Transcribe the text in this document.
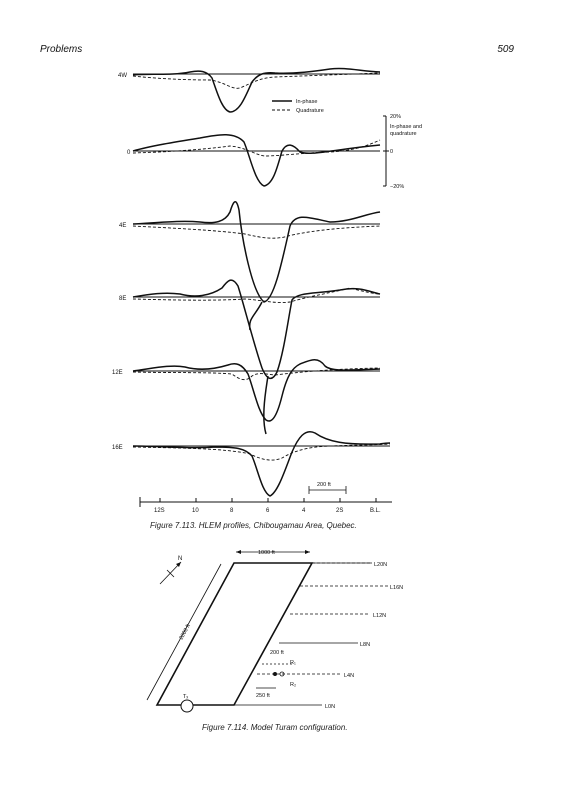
Problems	509
In-phase
Quadrature
20%
In-phase and
quadrature
0
−20%
4W
0
4E
8E
12E
16E
200 ft
12S	10	8	6	4	2S	B.L.
N
1000 ft
2000 ft
L20N
L16N
L12N
L8N
L4N
L0N
200 ft
R₁
R₂
250 ft
Tₓ
Figure 7.113. HLEM profiles, Chibougamau Area, Quebec.
Figure 7.114. Model Turam configuration.
